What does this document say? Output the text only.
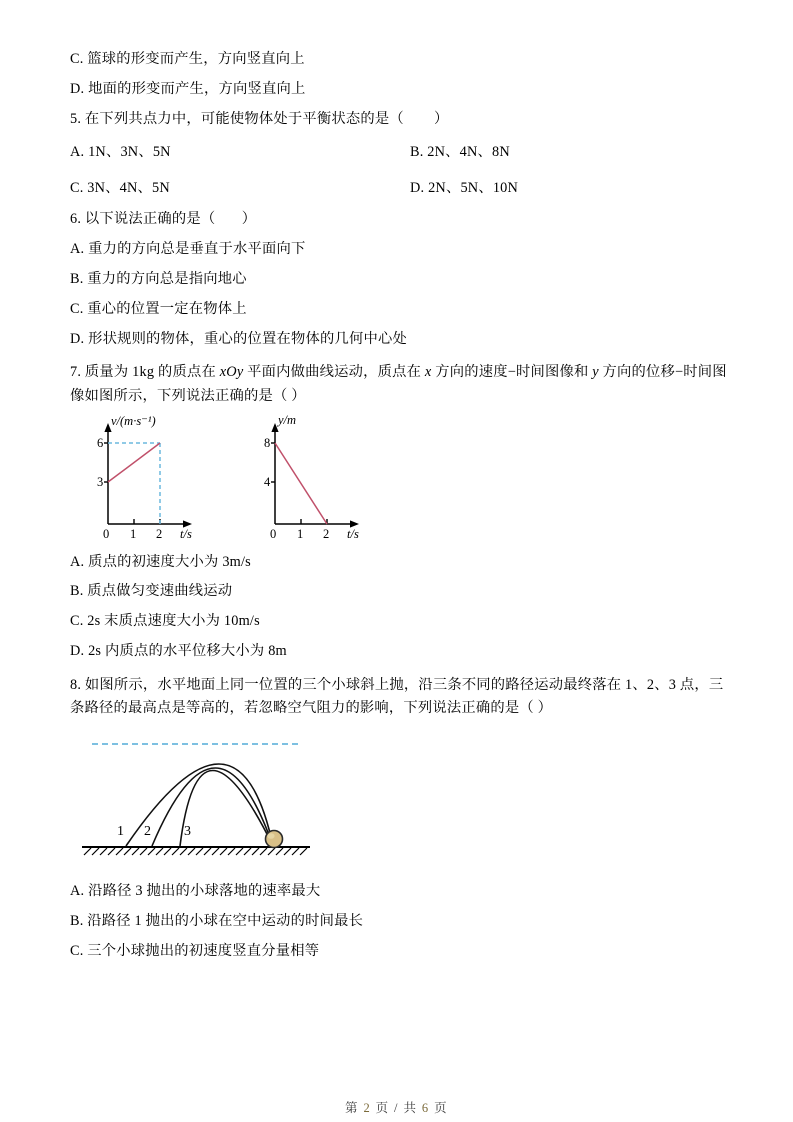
C. 篮球的形变而产生，方向竖直向上
D. 地面的形变而产生，方向竖直向上
5. 在下列共点力中，可能使物体处于平衡状态的是（        ）
A. 1N、3N、5N	B. 2N、4N、8N
C. 3N、4N、5N	D. 2N、5N、10N
6. 以下说法正确的是（       ）
A. 重力的方向总是垂直于水平面向下
B. 重力的方向总是指向地心
C. 重心的位置一定在物体上
D. 形状规则的物体，重心的位置在物体的几何中心处
7. 质量为 1kg 的质点在 xOy 平面内做曲线运动，质点在 x 方向的速度−时间图像和 y 方向的位移−时间图像如图所示，下列说法正确的是（ ）
v/(m·s⁻¹)
6
3
0 1 2 t/s
y/m
8
4
0 1 2 t/s
A. 质点的初速度大小为 3m/s
B. 质点做匀变速曲线运动
C. 2s 末质点速度大小为 10m/s
D. 2s 内质点的水平位移大小为 8m
8. 如图所示，水平地面上同一位置的三个小球斜上抛，沿三条不同的路径运动最终落在 1、2、3 点，三条路径的最高点是等高的，若忽略空气阻力的影响，下列说法正确的是（ ）
1 2 3
A. 沿路径 3 抛出的小球落地的速率最大
B. 沿路径 1 抛出的小球在空中运动的时间最长
C. 三个小球抛出的初速度竖直分量相等
第 2 页 / 共 6 页
